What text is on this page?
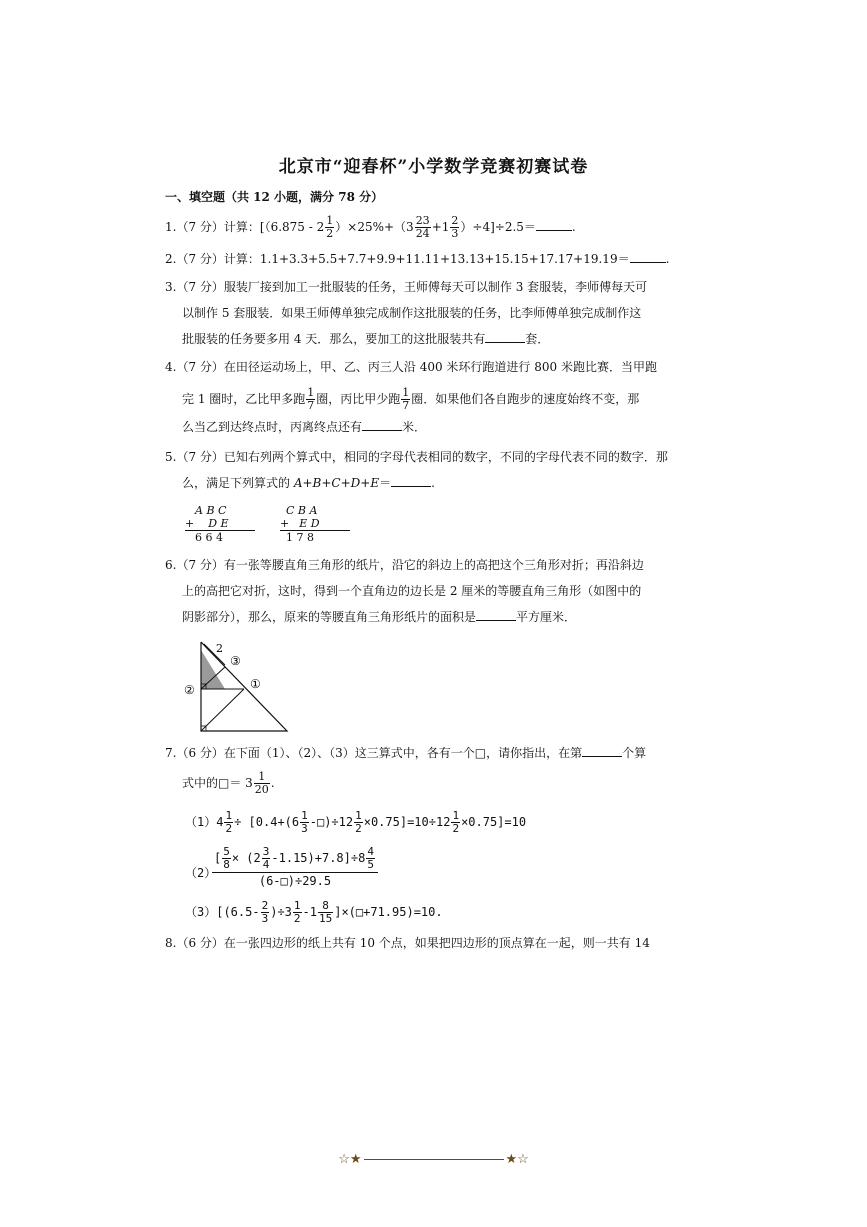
北京市“迎春杯”小学数学竞赛初赛试卷
一、填空题（共 12 小题，满分 78 分）
1.（7 分）计算：$[(6.875 - 2 \frac{1}{2} )\times 25\%+(3 \frac{23}{24} +1 \frac{2}{3} )\div 4]\div 2.5=$	.
2.（7 分）计算：1.1+3.3+5.5+7.7+9.9+11.11+13.13+15.15+17.17+19.19＝	.
3.（7 分）服装厂接到加工一批服装的任务，王师傅每天可以制作 3 套服装，李师傅每天可
以制作 5 套服装．如果王师傅单独完成制作这批服装的任务，比李师傅单独完成制作这
批服装的任务要多用 4 天．那么，要加工的这批服装共有	套．
4.（7 分）在田径运动场上，甲、乙、丙三人沿 400 米环行跑道进行 800 米跑比赛．当甲跑
完 1 圈时，乙比甲多跑 $\frac{1}{7}$ 圈，丙比甲少跑 $\frac{1}{7}$ 圈．如果他们各自跑步的速度始终不变，那
么当乙到达终点时，丙离终点还有	米．
5.（7 分）已知右列两个算式中，相同的字母代表相同的数字，不同的字母代表不同的数字．那
么，满足下列算式的 A+B+C+D+E＝	.
A B C
+ D E
6 6 4
C B A
+ E D
1 7 8
6.（7 分）有一张等腰直角三角形的纸片，沿它的斜边上的高把这个三角形对折；再沿斜边
上的高把它对折，这时，得到一个直角边的边长是 2 厘米的等腰直角三角形（如图中的
阴影部分），那么，原来的等腰直角三角形纸片的面积是	平方厘米．
2
①
②
③
7.（6 分）在下面（1）、（2）、（3）这三算式中，各有一个□，请你指出，在第	个算
式中的□＝ $3 \frac{1}{20}$ .
$(1)4 \frac{1}{2} \div [0.4+(6 \frac{1}{3}$ -□)÷12 $\frac{1}{2} \times 0.75]=10\div 12 \frac{1}{2} \times 0.75]=10$
（2）
$\frac{[ \frac{5}{8} \times (2 \frac{3}{4} -1.15)+7.8]\div 8 \frac{4}{5}}{(6-□)\div 29.5}$
$(3)[(6.5- \frac{2}{3} )\div 3 \frac{1}{2} -1 \frac{8}{15}$ ]×(□+71.95)=10.
8.（6 分）在一张四边形的纸上共有 10 个点，如果把四边形的顶点算在一起，则一共有 14
☆★	★☆
